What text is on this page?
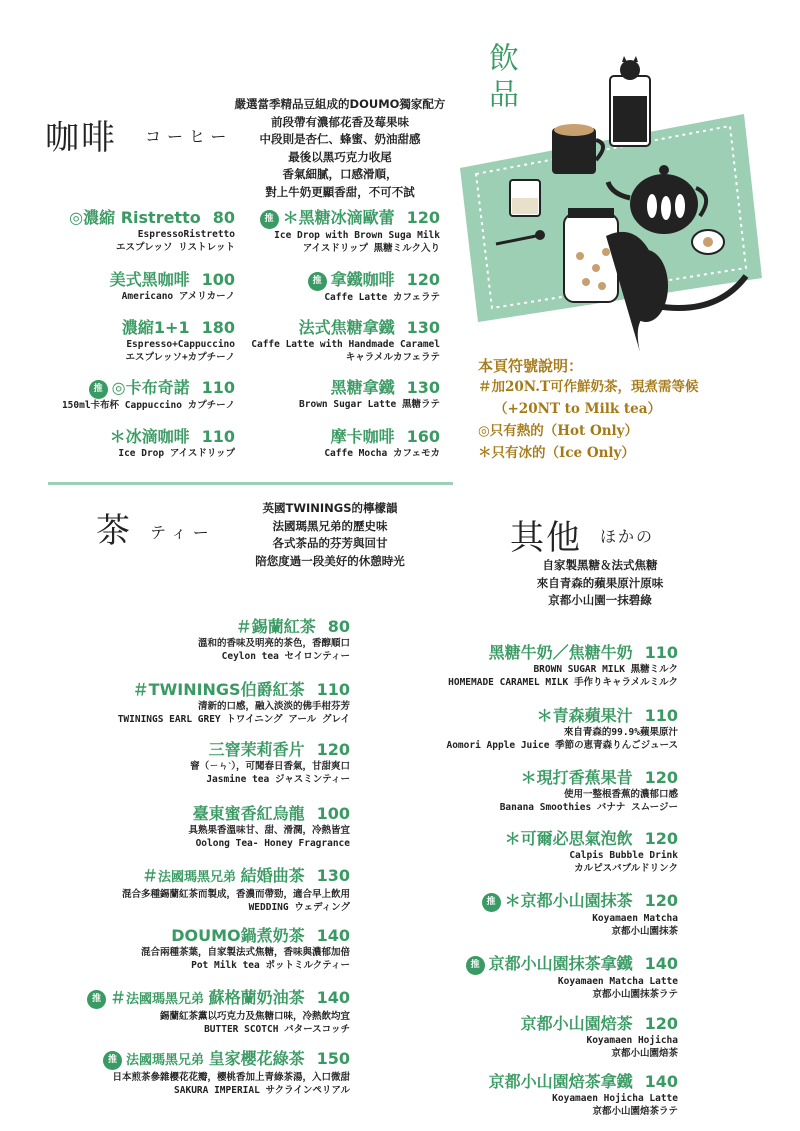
咖啡 コーヒー
嚴選當季精品豆組成的DOUMO獨家配方
前段帶有濃郁花香及莓果味
中段則是杏仁、蜂蜜、奶油甜感
最後以黑巧克力收尾
香氣細膩，口感滑順，
對上牛奶更顯香甜，不可不試
◎濃縮 Ristretto 80
EspressoRistretto
エスプレッソ リストレット
美式黑咖啡 100
Americano アメリカーノ
濃縮1+1 180
Espresso+Cappuccino
エスプレッソ+カプチーノ
推 ◎卡布奇諾 110
150ml卡布杯 Cappuccino カプチーノ
＊冰滴咖啡 110
Ice Drop アイスドリップ
推 ＊黑糖冰滴歐蕾 120
Ice Drop with Brown Suga Milk
アイスドリップ 黒糖ミルク入り
推 拿鐵咖啡 120
Caffe Latte カフェラテ
法式焦糖拿鐵 130
Caffe Latte with Handmade Caramel
キャラメルカフェラテ
黑糖拿鐵 130
Brown Sugar Latte 黒糖ラテ
摩卡咖啡 160
Caffe Mocha カフェモカ
飲品
本頁符號說明：
＃加20N.T可作鮮奶茶，現煮需等候
（+20NT to Milk tea）
◎只有熱的（Hot Only）
＊只有冰的（Ice Only）
茶 ティー
英國TWININGS的檸檬韻
法國瑪黑兄弟的歷史味
各式茶品的芬芳與回甘
陪您度過一段美好的休憩時光
＃錫蘭紅茶 80
溫和的香味及明亮的茶色，香醇順口
Ceylon tea セイロンティー
＃TWININGS伯爵紅茶 110
清新的口感，融入淡淡的佛手柑芬芳
TWININGS EARL GREY トワイニング アール グレイ
三窨茉莉香片 120
窨（ㄧㄣˋ），可聞春日香氣，甘甜爽口
Jasmine tea ジャスミンティー
臺東蜜香紅烏龍 100
具熟果香溫味甘、甜、滑潤，冷熱皆宜
Oolong Tea- Honey Fragrance
＃法國瑪黑兄弟 結婚曲茶 130
混合多種錫蘭紅茶而製成，香濃而帶勁，適合早上飲用
WEDDING ウェディング
DOUMO鍋煮奶茶 140
混合兩種茶葉，自家製法式焦糖，香味與濃郁加倍
Pot Milk tea ポットミルクティー
推 ＃法國瑪黑兄弟 蘇格蘭奶油茶 140
錫蘭紅茶黨以巧克力及焦糖口味，冷熱飲均宜
BUTTER SCOTCH バタースコッチ
推 法國瑪黑兄弟 皇家櫻花綠茶 150
日本煎茶參雜櫻花花瓣，櫻桃香加上青綠茶湯，入口微甜
SAKURA IMPERIAL サクラインペリアル
其他 ほかの
自家製黑糖＆法式焦糖
來自青森的蘋果原汁原味
京都小山園一抹碧綠
黑糖牛奶／焦糖牛奶 110
BROWN SUGAR MILK 黒糖ミルク
HOMEMADE CARAMEL MILK 手作りキャラメルミルク
＊青森蘋果汁 110
來自青森的99.9%蘋果原汁
Aomori Apple Juice 季節の恵青森りんごジュース
＊現打香蕉果昔 120
使用一整根香蕉的濃郁口感
Banana Smoothies バナナ スムージー
＊可爾必思氣泡飲 120
Calpis Bubble Drink
カルピスバブルドリンク
推 ＊京都小山園抹茶 120
Koyamaen Matcha
京都小山園抹茶
推 京都小山園抹茶拿鐵 140
Koyamaen Matcha Latte
京都小山園抹茶ラテ
京都小山園焙茶 120
Koyamaen Hojicha
京都小山園焙茶
京都小山園焙茶拿鐵 140
Koyamaen Hojicha Latte
京都小山園焙茶ラテ
